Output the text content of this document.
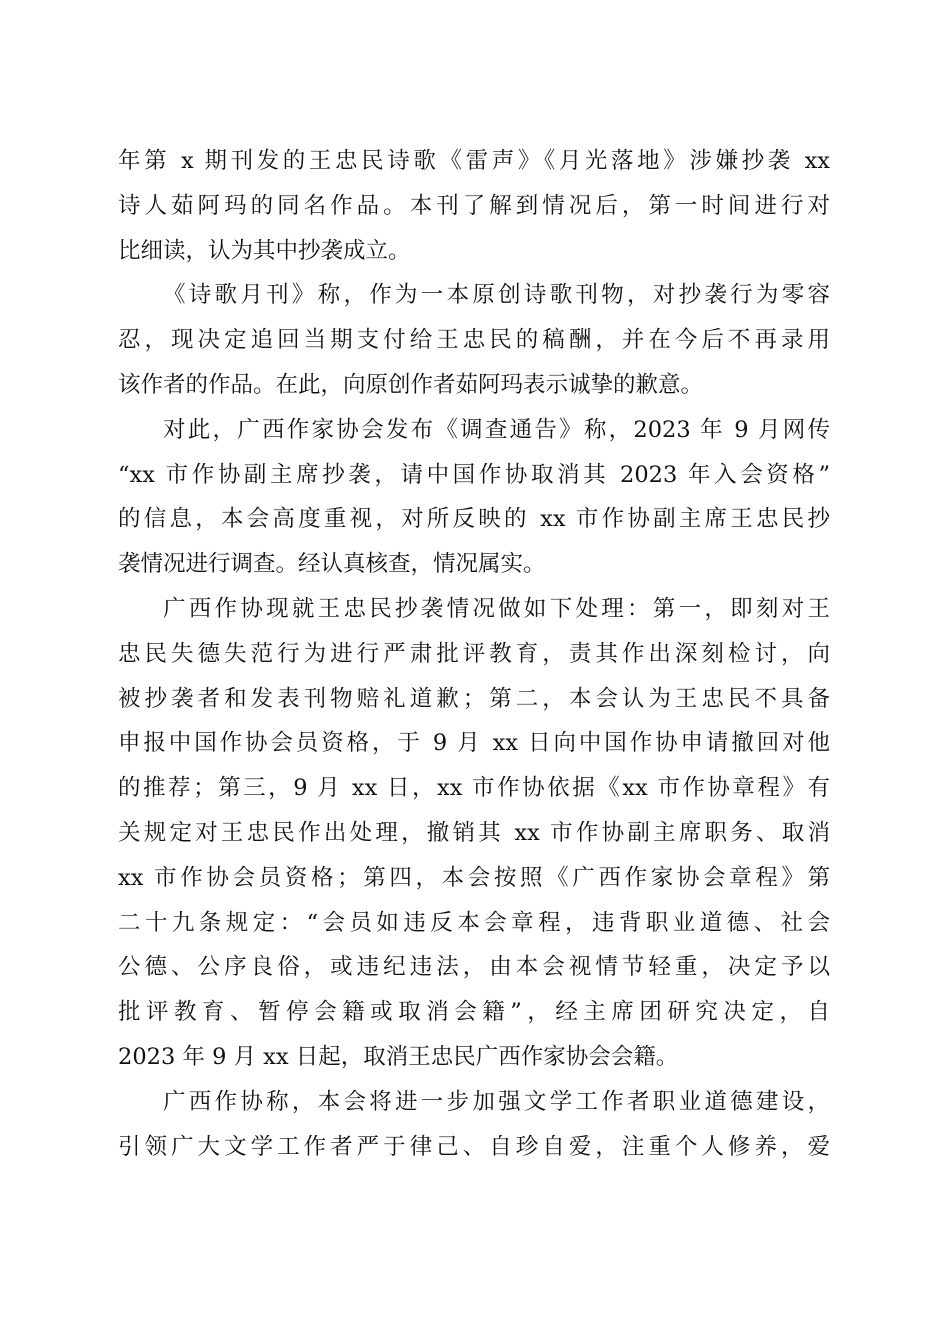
年第 x 期刊发的王忠民诗歌《雷声》《月光落地》涉嫌抄袭 xx
诗人茹阿玛的同名作品。本刊了解到情况后，第一时间进行对
比细读，认为其中抄袭成立。

《诗歌月刊》称，作为一本原创诗歌刊物，对抄袭行为零容
忍，现决定追回当期支付给王忠民的稿酬，并在今后不再录用
该作者的作品。在此，向原创作者茹阿玛表示诚挚的歉意。

对此，广西作家协会发布《调查通告》称，2023 年 9 月网传
“xx 市作协副主席抄袭，请中国作协取消其 2023 年入会资格”
的信息，本会高度重视，对所反映的 xx 市作协副主席王忠民抄
袭情况进行调查。经认真核查，情况属实。

广西作协现就王忠民抄袭情况做如下处理：第一，即刻对王
忠民失德失范行为进行严肃批评教育，责其作出深刻检讨，向
被抄袭者和发表刊物赔礼道歉；第二，本会认为王忠民不具备
申报中国作协会员资格，于 9 月 xx 日向中国作协申请撤回对他
的推荐；第三，9 月 xx 日，xx 市作协依据《xx 市作协章程》有
关规定对王忠民作出处理，撤销其 xx 市作协副主席职务、取消
xx 市作协会员资格；第四，本会按照《广西作家协会章程》第
二十九条规定：“会员如违反本会章程，违背职业道德、社会
公德、公序良俗，或违纪违法，由本会视情节轻重，决定予以
批评教育、暂停会籍或取消会籍”，经主席团研究决定，自
2023 年 9 月 xx 日起，取消王忠民广西作家协会会籍。

广西作协称，本会将进一步加强文学工作者职业道德建设，
引领广大文学工作者严于律己、自珍自爱，注重个人修养，爱
